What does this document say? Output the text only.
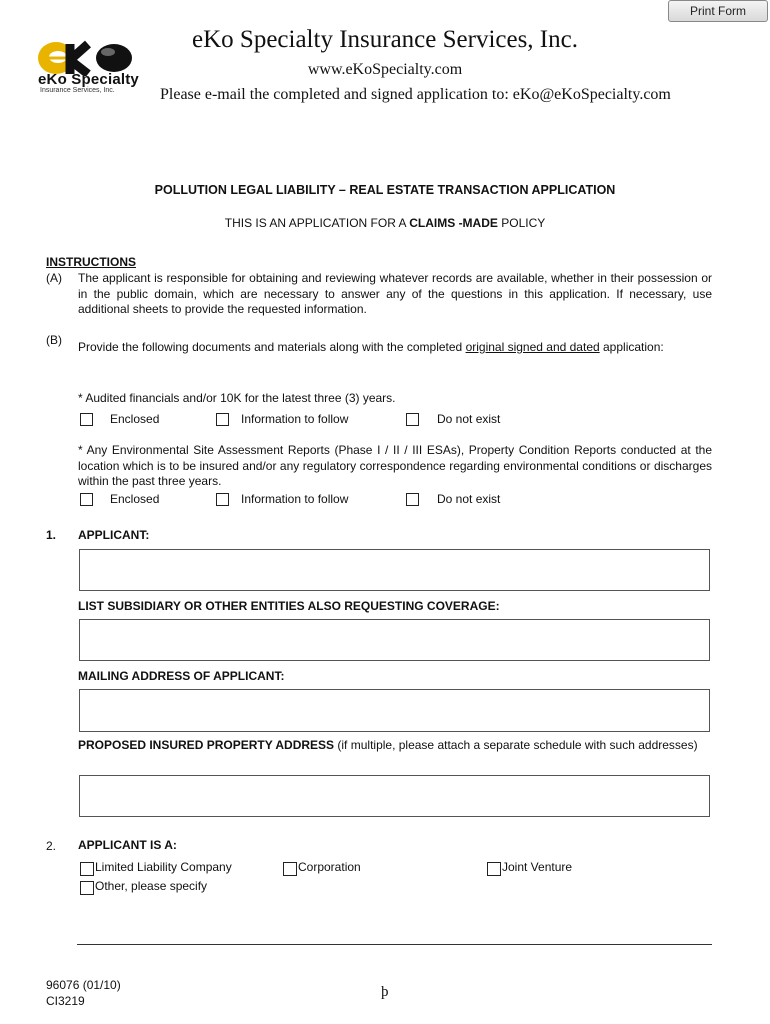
Print Form
eKo Specialty
Insurance Services, Inc.
eKo Specialty Insurance Services, Inc.
www.eKoSpecialty.com
Please e-mail the completed and signed application to: eKo@eKoSpecialty.com
POLLUTION LEGAL LIABILITY – REAL ESTATE TRANSACTION APPLICATION
THIS IS AN APPLICATION FOR A CLAIMS -MADE POLICY
INSTRUCTIONS
(A) The applicant is responsible for obtaining and reviewing whatever records are available, whether in their possession or in the public domain, which are necessary to answer any of the questions in this application. If necessary, use additional sheets to provide the requested information.
(B) Provide the following documents and materials along with the completed original signed and dated application:
* Audited financials and/or 10K for the latest three (3) years.
Enclosed	Information to follow	Do not exist
* Any Environmental Site Assessment Reports (Phase I / II / III ESAs), Property Condition Reports conducted at the location which is to be insured and/or any regulatory correspondence regarding environmental conditions or discharges within the past three years.
Enclosed	Information to follow	Do not exist
1. APPLICANT:
LIST SUBSIDIARY OR OTHER ENTITIES ALSO REQUESTING COVERAGE:
MAILING ADDRESS OF APPLICANT:
PROPOSED INSURED PROPERTY ADDRESS (if multiple, please attach a separate schedule with such addresses)
2. APPLICANT IS A:
Limited Liability Company	Corporation	Joint Venture
Other, please specify
96076 (01/10)
CI3219
þ
